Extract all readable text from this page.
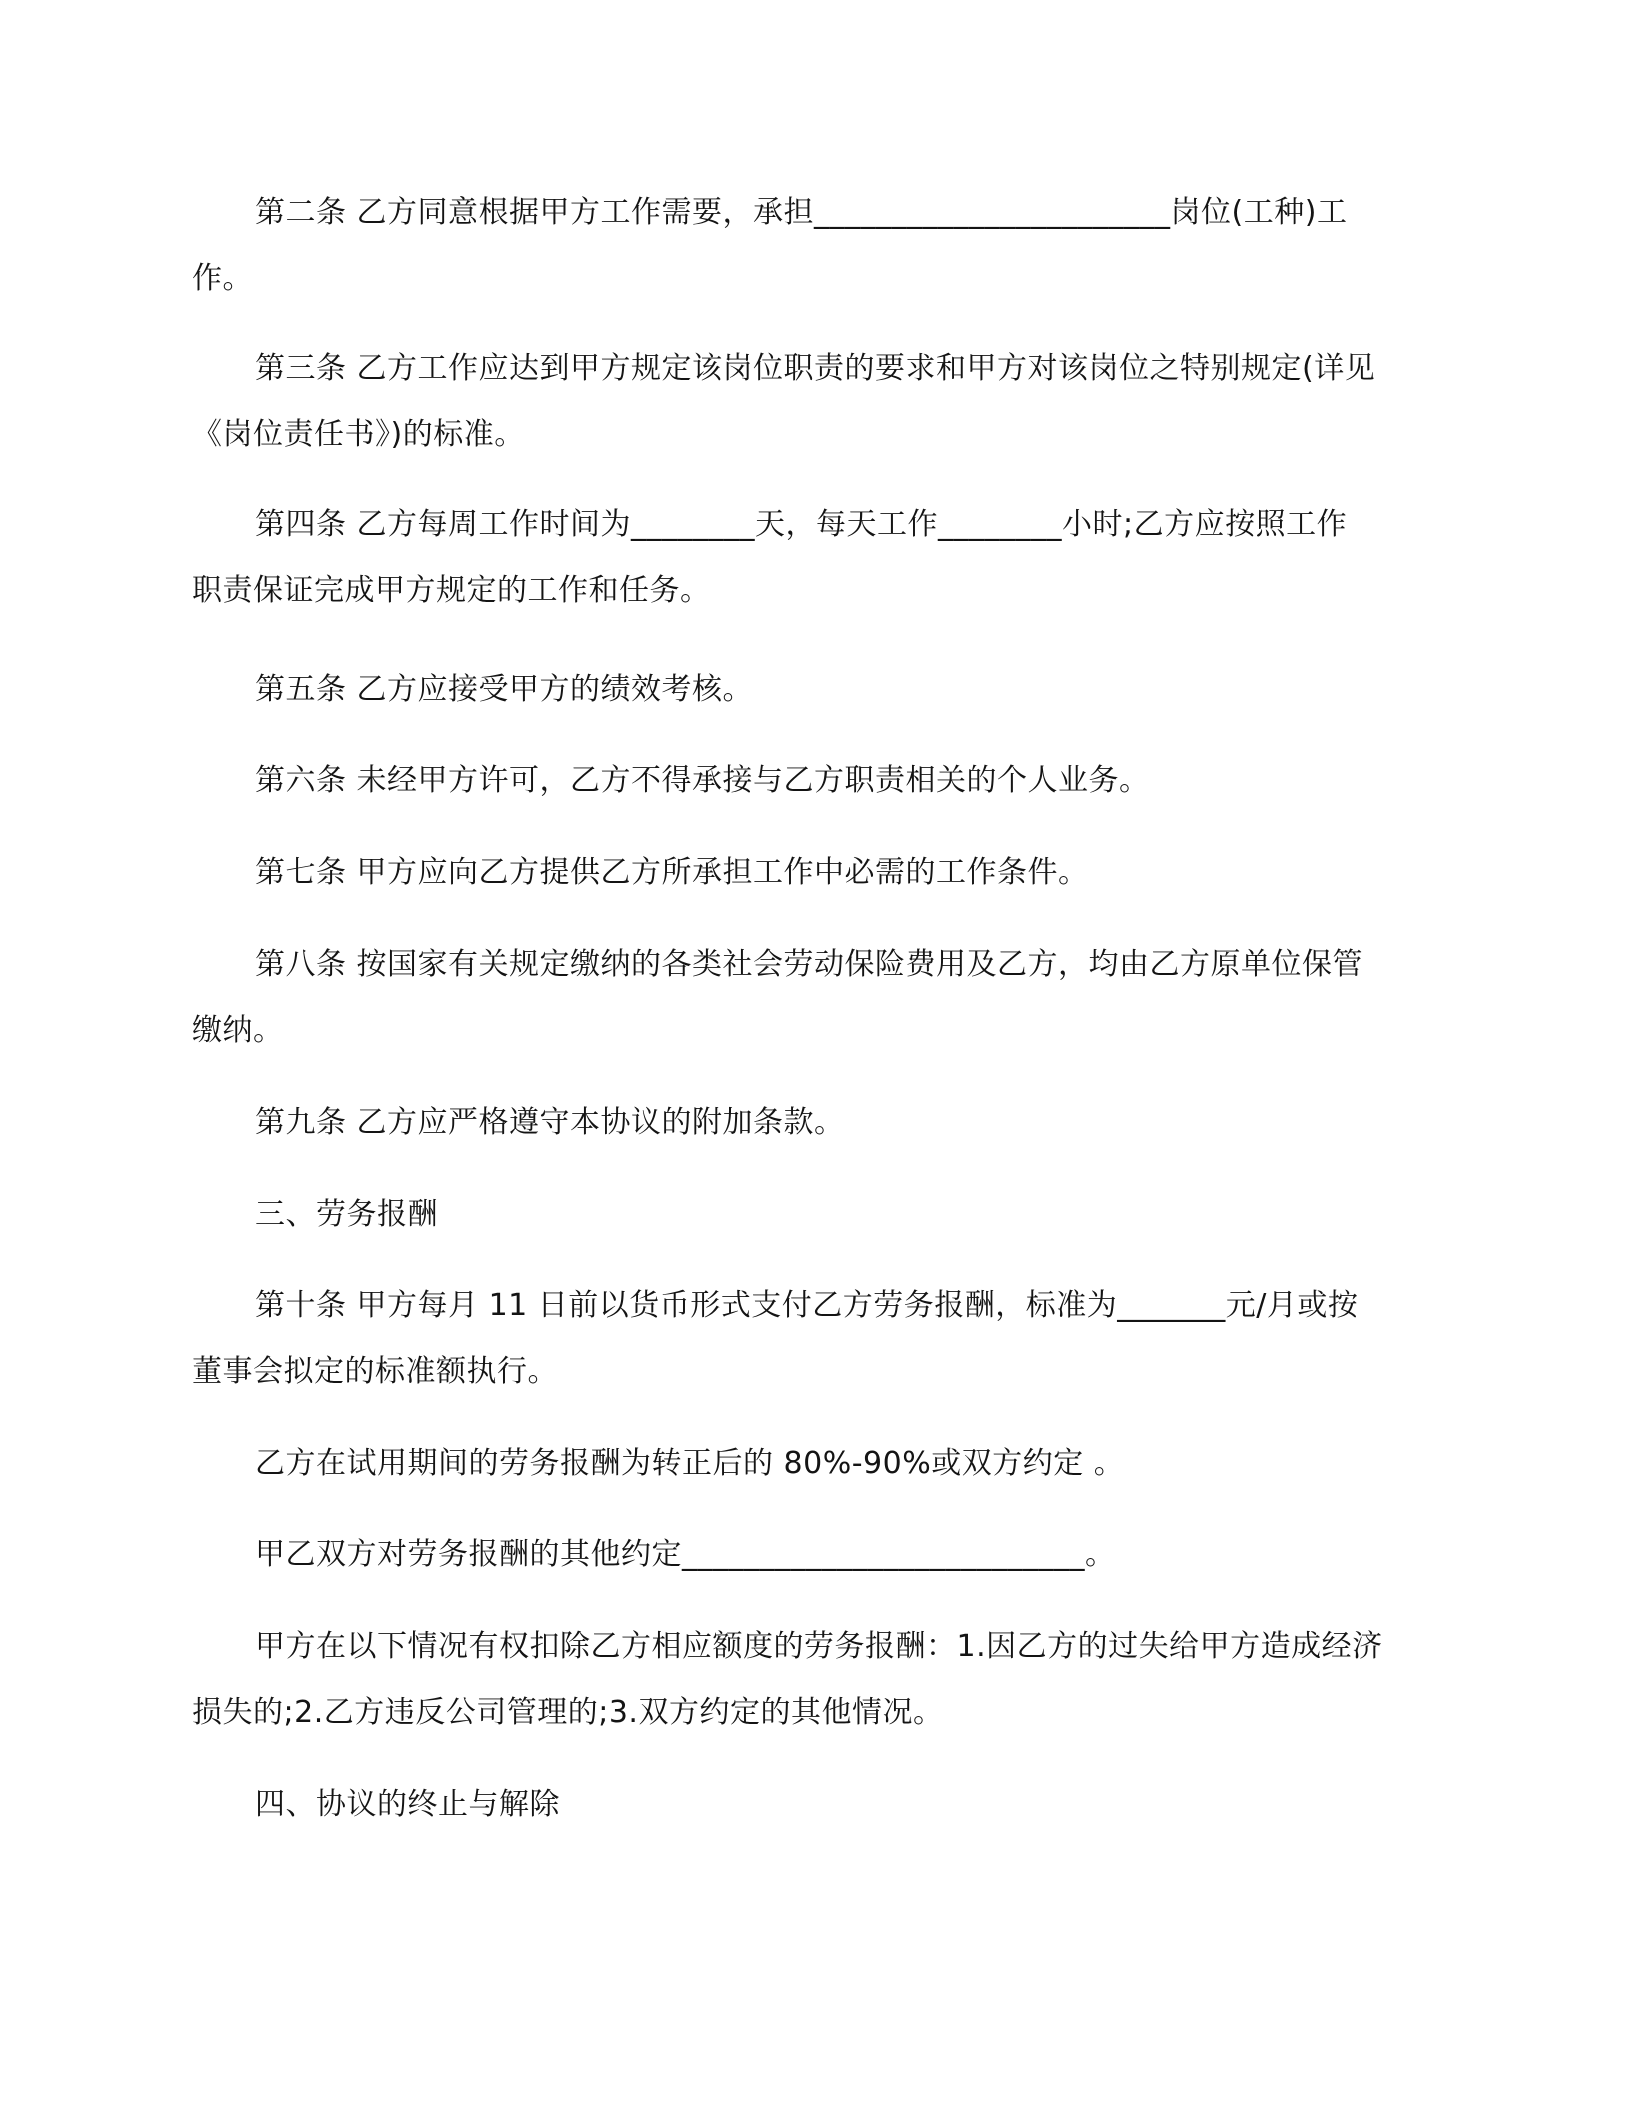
第二条 乙方同意根据甲方工作需要，承担_______________________岗位(工种)工
作。
第三条 乙方工作应达到甲方规定该岗位职责的要求和甲方对该岗位之特别规定(详见
《岗位责任书》)的标准。
第四条 乙方每周工作时间为________天，每天工作________小时;乙方应按照工作
职责保证完成甲方规定的工作和任务。
第五条 乙方应接受甲方的绩效考核。
第六条 未经甲方许可，乙方不得承接与乙方职责相关的个人业务。
第七条 甲方应向乙方提供乙方所承担工作中必需的工作条件。
第八条 按国家有关规定缴纳的各类社会劳动保险费用及乙方，均由乙方原单位保管
缴纳。
第九条 乙方应严格遵守本协议的附加条款。
三、劳务报酬
第十条 甲方每月 11 日前以货币形式支付乙方劳务报酬，标准为_______元/月或按
董事会拟定的标准额执行。
乙方在试用期间的劳务报酬为转正后的 80%-90%或双方约定 。
甲乙双方对劳务报酬的其他约定__________________________。
甲方在以下情况有权扣除乙方相应额度的劳务报酬：1.因乙方的过失给甲方造成经济
损失的;2.乙方违反公司管理的;3.双方约定的其他情况。
四、协议的终止与解除
